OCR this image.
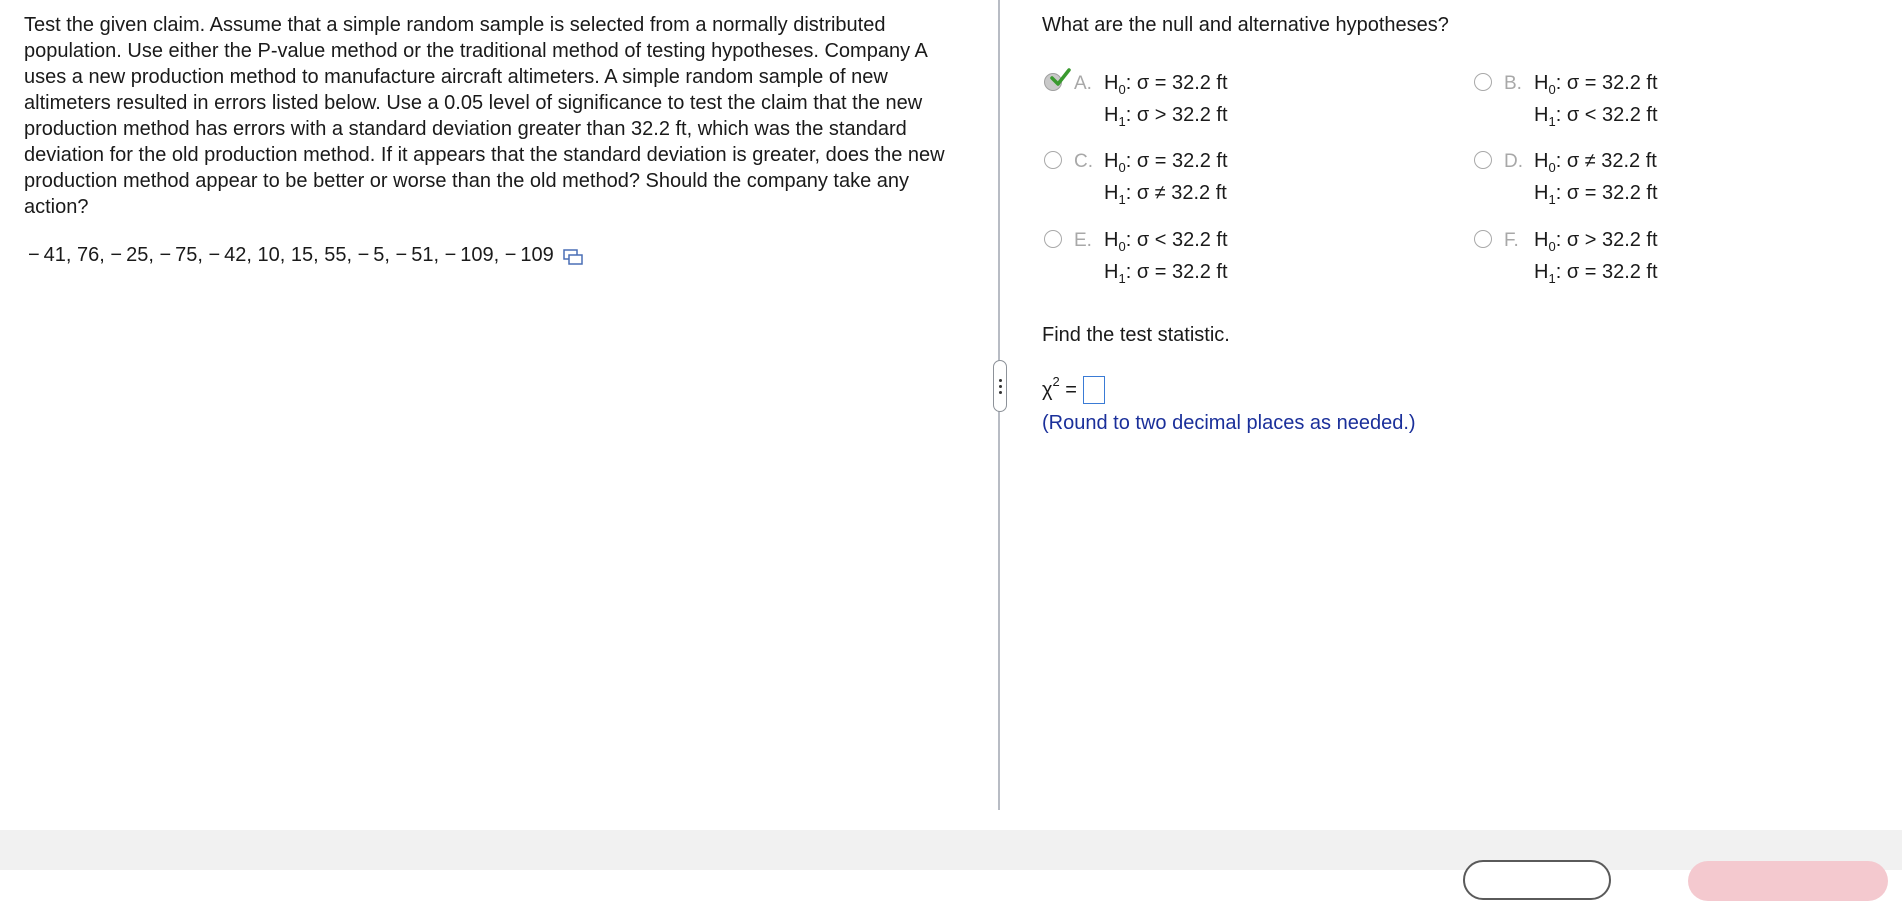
Test the given claim. Assume that a simple random sample is selected from a normally distributed population. Use either the P-value method or the traditional method of testing hypotheses. Company A uses a new production method to manufacture aircraft altimeters. A simple random sample of new altimeters resulted in errors listed below. Use a 0.05 level of significance to test the claim that the new production method has errors with a standard deviation greater than 32.2 ft, which was the standard deviation for the old production method. If it appears that the standard deviation is greater, does the new production method appear to be better or worse than the old method? Should the company take any action?

− 41, 76, − 25, − 75, − 42, 10, 15, 55, − 5, − 51, − 109, − 109

What are the null and alternative hypotheses?

A. $H_0$: σ = 32.2 ft
$H_1$: σ > 32.2 ft
B. $H_0$: σ = 32.2 ft
$H_1$: σ < 32.2 ft
C. $H_0$: σ = 32.2 ft
$H_1$: σ ≠ 32.2 ft
D. $H_0$: σ ≠ 32.2 ft
$H_1$: σ = 32.2 ft
E. $H_0$: σ < 32.2 ft
$H_1$: σ = 32.2 ft
F. $H_0$: σ > 32.2 ft
$H_1$: σ = 32.2 ft

Find the test statistic.

χ 2
=

(Round to two decimal places as needed.)
